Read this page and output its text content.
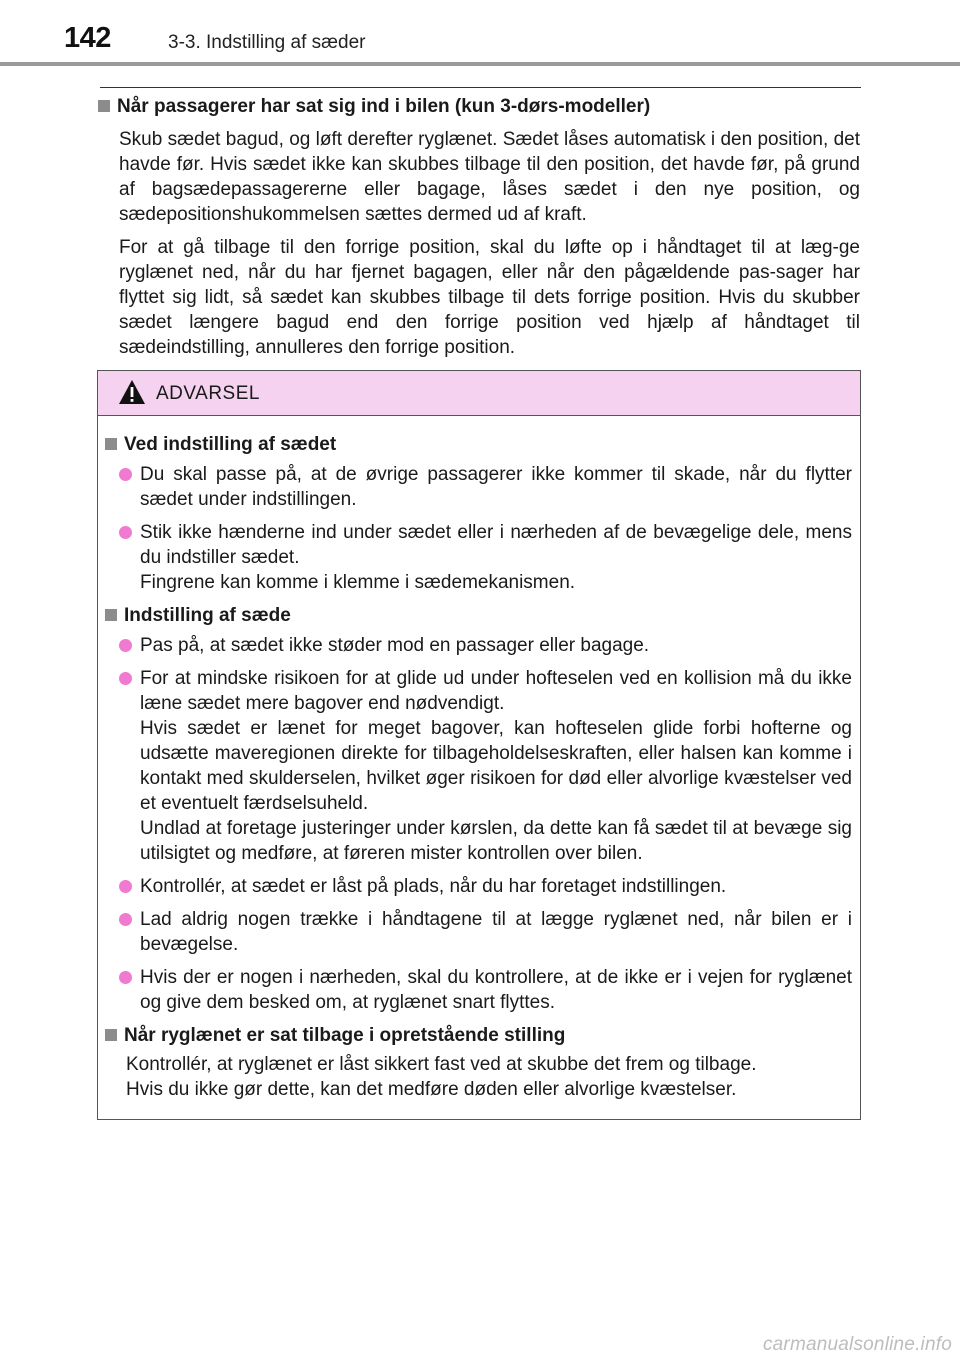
142	3-3. Indstilling af sæder
Når passagerer har sat sig ind i bilen (kun 3-dørs-modeller)

Skub sædet bagud, og løft derefter ryglænet. Sædet låses automatisk i den position, det havde før. Hvis sædet ikke kan skubbes tilbage til den position, det havde før, på grund af bagsædepassagererne eller bagage, låses sædet i den nye position, og sædepositionshukommelsen sættes dermed ud af kraft.

For at gå tilbage til den forrige position, skal du løfte op i håndtaget til at læg-ge ryglænet ned, når du har fjernet bagagen, eller når den pågældende pas-sager har flyttet sig lidt, så sædet kan skubbes tilbage til dets forrige position. Hvis du skubber sædet længere bagud end den forrige position ved hjælp af håndtaget til sædeindstilling, annulleres den forrige position.

ADVARSEL
Ved indstilling af sædet
Du skal passe på, at de øvrige passagerer ikke kommer til skade, når du flytter sædet under indstillingen.
Stik ikke hænderne ind under sædet eller i nærheden af de bevægelige dele, mens du indstiller sædet.
Fingrene kan komme i klemme i sædemekanismen.
Indstilling af sæde
Pas på, at sædet ikke støder mod en passager eller bagage.
For at mindske risikoen for at glide ud under hofteselen ved en kollision må du ikke læne sædet mere bagover end nødvendigt.
Hvis sædet er lænet for meget bagover, kan hofteselen glide forbi hofterne og udsætte maveregionen direkte for tilbageholdelseskraften, eller halsen kan komme i kontakt med skulderselen, hvilket øger risikoen for død eller alvorlige kvæstelser ved et eventuelt færdselsuheld.
Undlad at foretage justeringer under kørslen, da dette kan få sædet til at bevæge sig utilsigtet og medføre, at føreren mister kontrollen over bilen.
Kontrollér, at sædet er låst på plads, når du har foretaget indstillingen.
Lad aldrig nogen trække i håndtagene til at lægge ryglænet ned, når bilen er i bevægelse.
Hvis der er nogen i nærheden, skal du kontrollere, at de ikke er i vejen for ryglænet og give dem besked om, at ryglænet snart flyttes.
Når ryglænet er sat tilbage i opretstående stilling
Kontrollér, at ryglænet er låst sikkert fast ved at skubbe det frem og tilbage.
Hvis du ikke gør dette, kan det medføre døden eller alvorlige kvæstelser.
carmanualsonline.info
